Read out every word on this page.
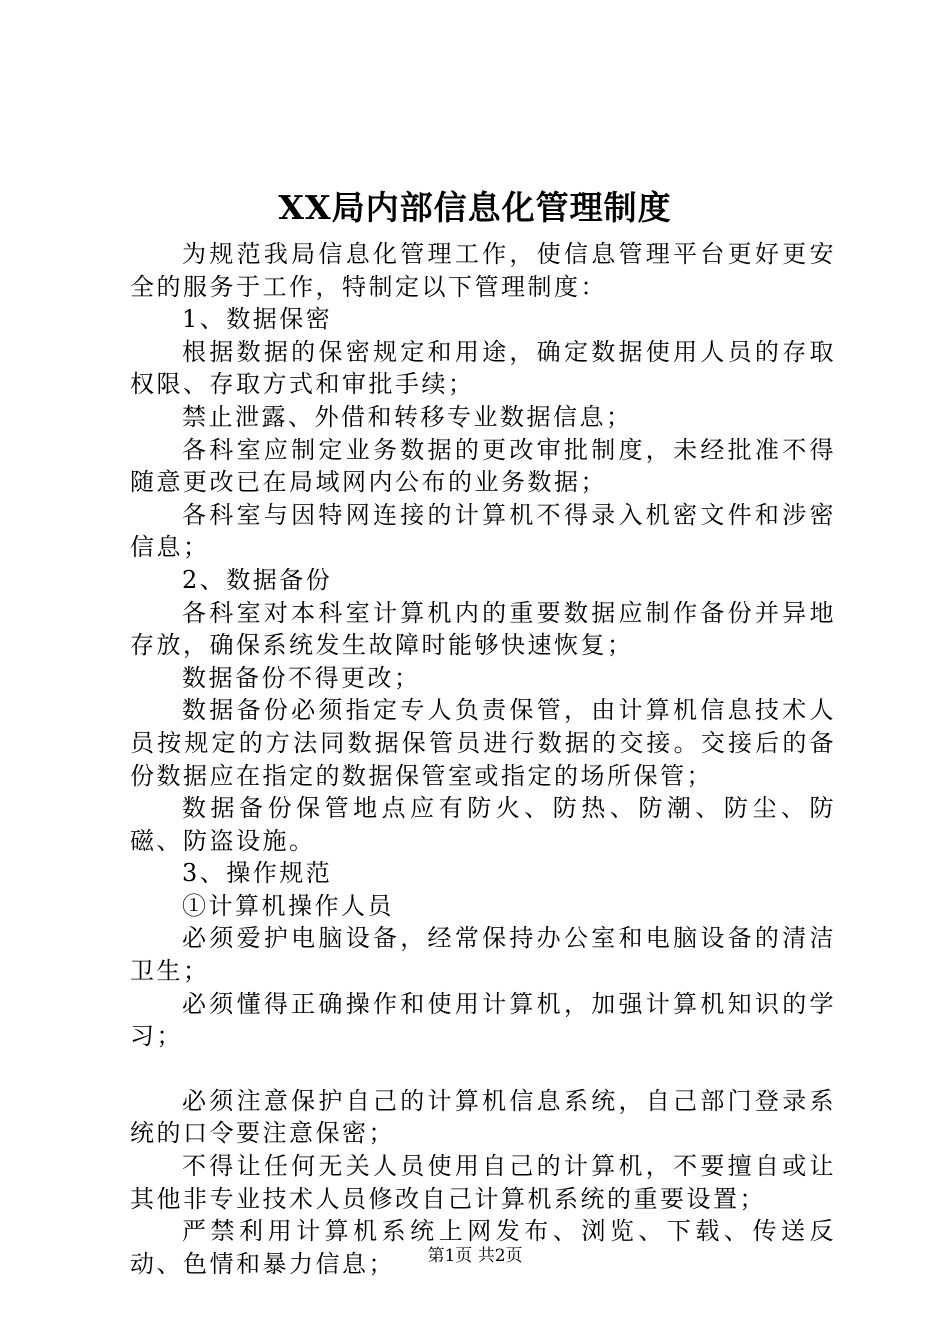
XX局内部信息化管理制度

为规范我局信息化管理工作，使信息管理平台更好更安全的服务于工作，特制定以下管理制度：

1、数据保密

根据数据的保密规定和用途，确定数据使用人员的存取权限、存取方式和审批手续；

禁止泄露、外借和转移专业数据信息；

各科室应制定业务数据的更改审批制度，未经批准不得随意更改已在局域网内公布的业务数据；

各科室与因特网连接的计算机不得录入机密文件和涉密信息；

2、数据备份

各科室对本科室计算机内的重要数据应制作备份并异地存放，确保系统发生故障时能够快速恢复；

数据备份不得更改；

数据备份必须指定专人负责保管，由计算机信息技术人员按规定的方法同数据保管员进行数据的交接。交接后的备份数据应在指定的数据保管室或指定的场所保管；

数据备份保管地点应有防火、防热、防潮、防尘、防磁、防盗设施。

3、操作规范

①计算机操作人员

必须爱护电脑设备，经常保持办公室和电脑设备的清洁卫生；

必须懂得正确操作和使用计算机，加强计算机知识的学习；

必须注意保护自己的计算机信息系统，自己部门登录系统的口令要注意保密；

不得让任何无关人员使用自己的计算机，不要擅自或让其他非专业技术人员修改自己计算机系统的重要设置；

严禁利用计算机系统上网发布、浏览、下载、传送反动、色情和暴力信息；	第1页 共2页
